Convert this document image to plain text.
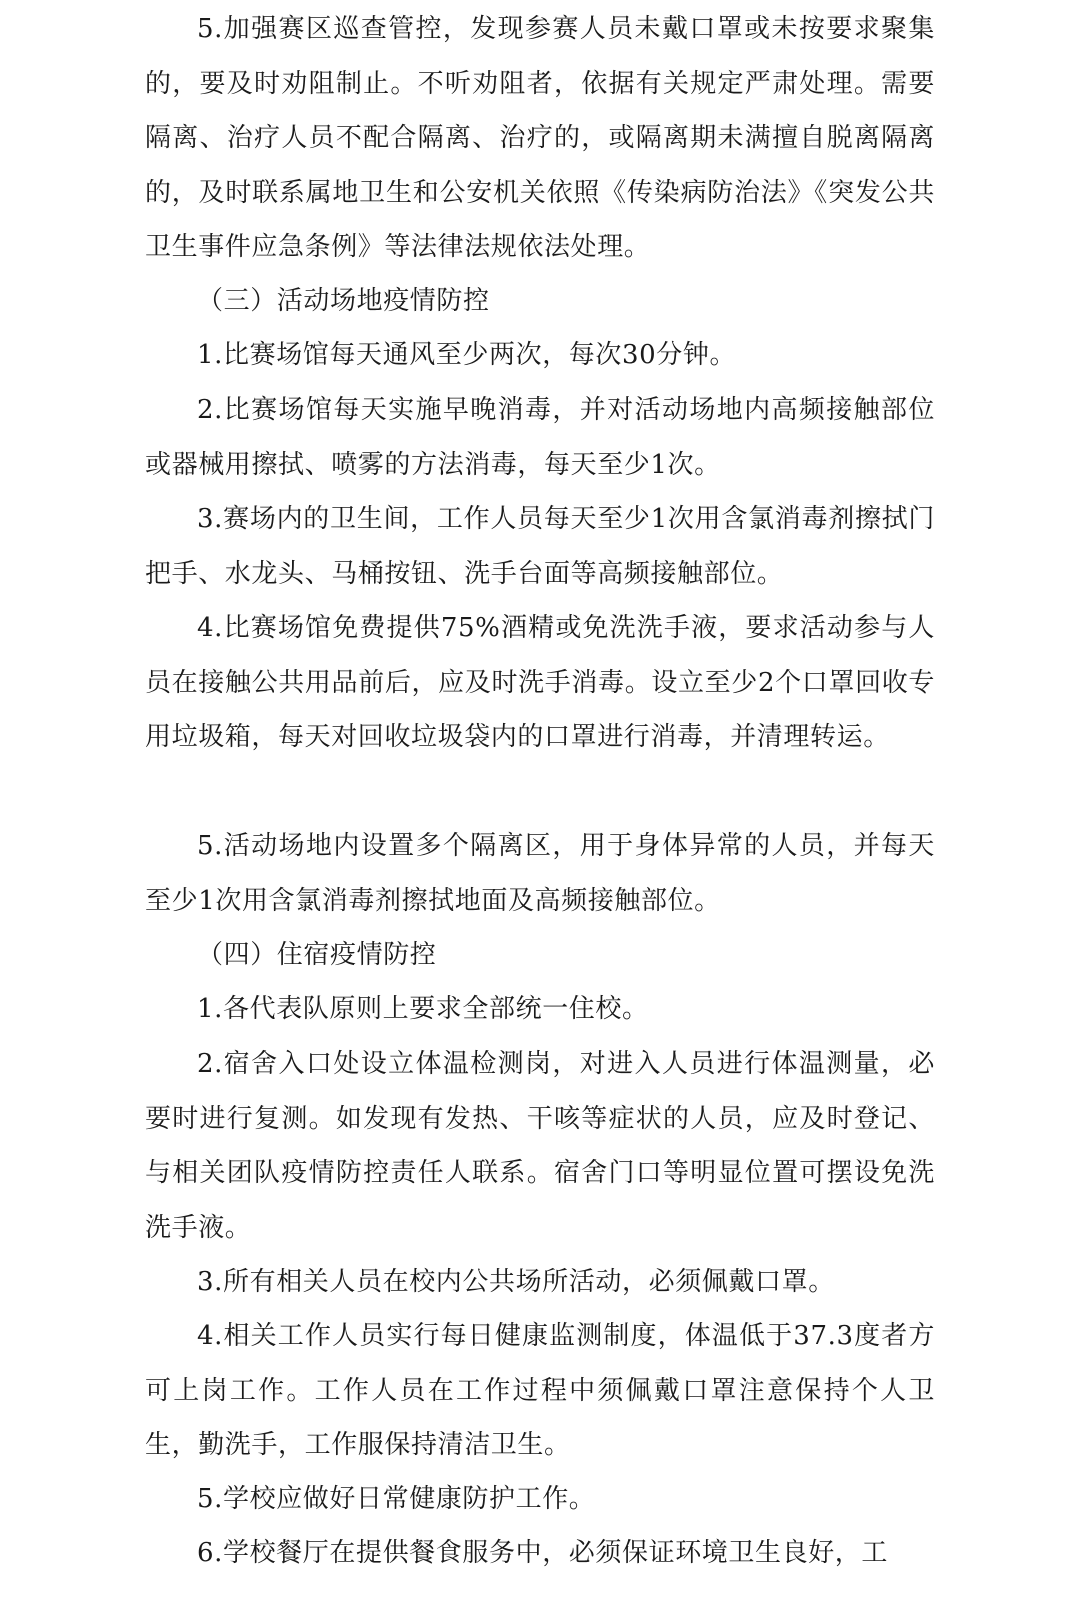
5.加强赛区巡查管控，发现参赛人员未戴口罩或未按要求聚集的，要及时劝阻制止。不听劝阻者，依据有关规定严肃处理。需要隔离、治疗人员不配合隔离、治疗的，或隔离期未满擅自脱离隔离的，及时联系属地卫生和公安机关依照《传染病防治法》《突发公共卫生事件应急条例》等法律法规依法处理。

（三）活动场地疫情防控

1.比赛场馆每天通风至少两次，每次30分钟。

2.比赛场馆每天实施早晚消毒，并对活动场地内高频接触部位或器械用擦拭、喷雾的方法消毒，每天至少1次。

3.赛场内的卫生间，工作人员每天至少1次用含氯消毒剂擦拭门把手、水龙头、马桶按钮、洗手台面等高频接触部位。

4.比赛场馆免费提供75%酒精或免洗洗手液，要求活动参与人员在接触公共用品前后，应及时洗手消毒。设立至少2个口罩回收专用垃圾箱，每天对回收垃圾袋内的口罩进行消毒，并清理转运。

5.活动场地内设置多个隔离区，用于身体异常的人员，并每天至少1次用含氯消毒剂擦拭地面及高频接触部位。

（四）住宿疫情防控

1.各代表队原则上要求全部统一住校。

2.宿舍入口处设立体温检测岗，对进入人员进行体温测量，必要时进行复测。如发现有发热、干咳等症状的人员，应及时登记、与相关团队疫情防控责任人联系。宿舍门口等明显位置可摆设免洗洗手液。

3.所有相关人员在校内公共场所活动，必须佩戴口罩。

4.相关工作人员实行每日健康监测制度，体温低于37.3度者方可上岗工作。工作人员在工作过程中须佩戴口罩注意保持个人卫生，勤洗手，工作服保持清洁卫生。

5.学校应做好日常健康防护工作。

6.学校餐厅在提供餐食服务中，必须保证环境卫生良好，工
